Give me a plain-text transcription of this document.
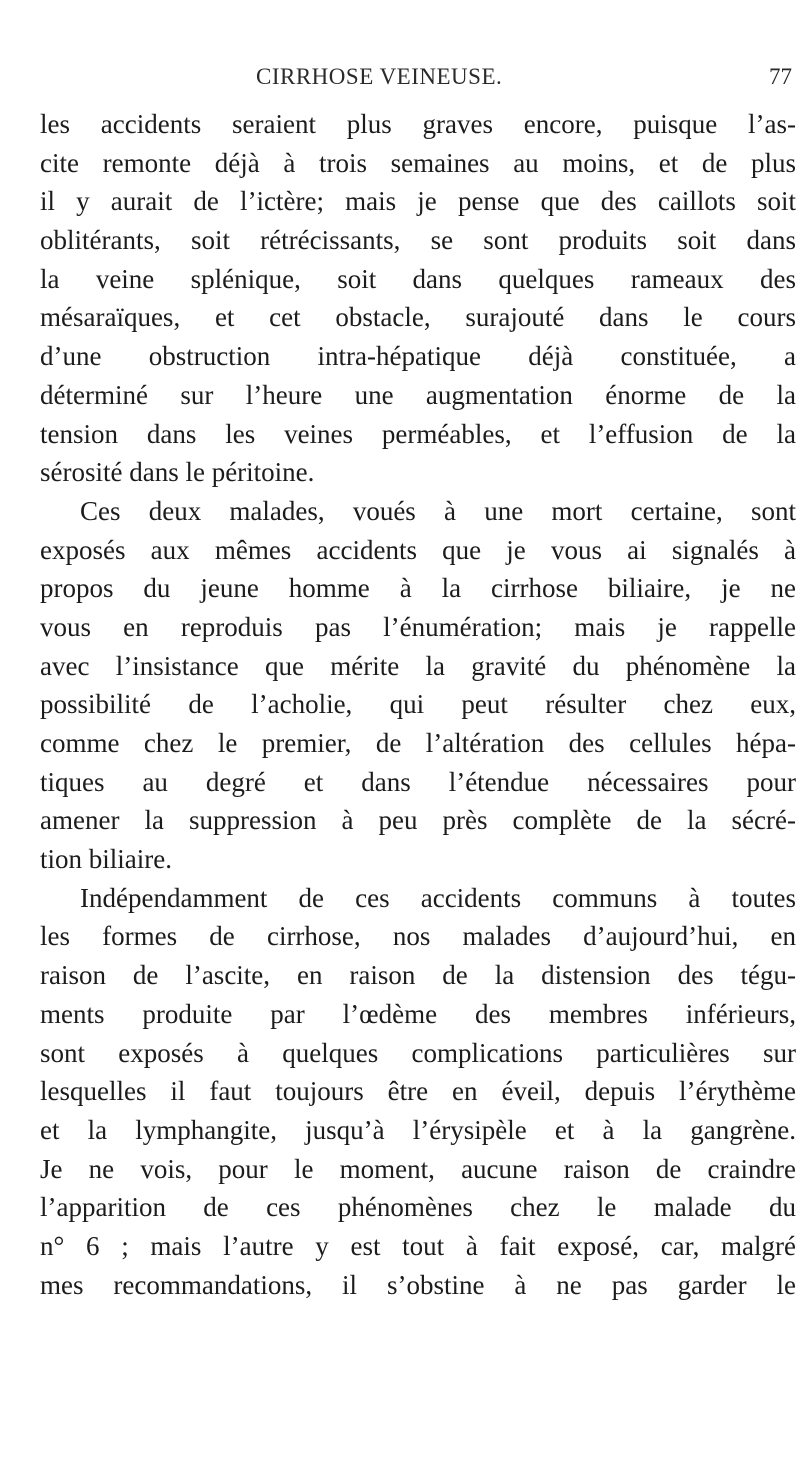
CIRRHOSE VEINEUSE.	77
les accidents seraient plus graves encore, puisque l’as-
cite remonte déjà à trois semaines au moins, et de plus
il y aurait de l’ictère; mais je pense que des caillots soit
oblitérants, soit rétrécissants, se sont produits soit dans
la veine splénique, soit dans quelques rameaux des
mésaraïques, et cet obstacle, surajouté dans le cours
d’une obstruction intra-hépatique déjà constituée, a
déterminé sur l’heure une augmentation énorme de la
tension dans les veines perméables, et l’effusion de la
sérosité dans le péritoine.
Ces deux malades, voués à une mort certaine, sont
exposés aux mêmes accidents que je vous ai signalés à
propos du jeune homme à la cirrhose biliaire, je ne
vous en reproduis pas l’énumération; mais je rappelle
avec l’insistance que mérite la gravité du phénomène la
possibilité de l’acholie, qui peut résulter chez eux,
comme chez le premier, de l’altération des cellules hépa-
tiques au degré et dans l’étendue nécessaires pour
amener la suppression à peu près complète de la sécré-
tion biliaire.
Indépendamment de ces accidents communs à toutes
les formes de cirrhose, nos malades d’aujourd’hui, en
raison de l’ascite, en raison de la distension des tégu-
ments produite par l’œdème des membres inférieurs,
sont exposés à quelques complications particulières sur
lesquelles il faut toujours être en éveil, depuis l’érythème
et la lymphangite, jusqu’à l’érysipèle et à la gangrène.
Je ne vois, pour le moment, aucune raison de craindre
l’apparition de ces phénomènes chez le malade du
n° 6 ; mais l’autre y est tout à fait exposé, car, malgré
mes recommandations, il s’obstine à ne pas garder le
